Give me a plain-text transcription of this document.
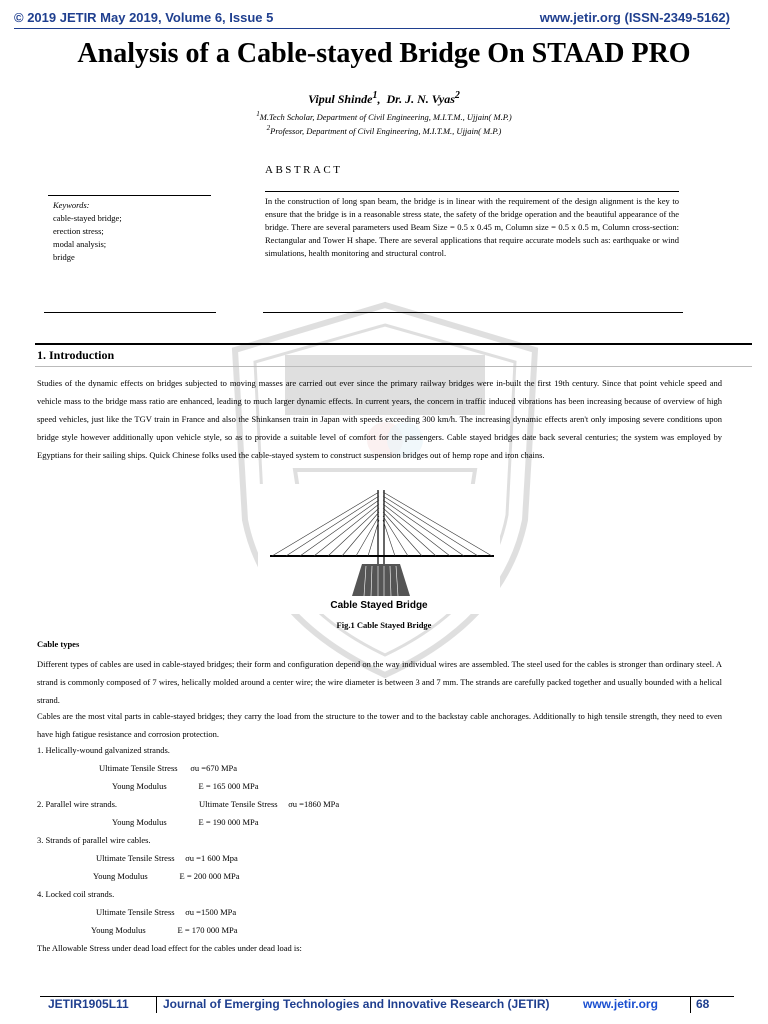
© 2019 JETIR May 2019, Volume 6, Issue 5	www.jetir.org (ISSN-2349-5162)
Analysis of a Cable-stayed Bridge On STAAD PRO
Vipul Shinde$^1$,  Dr. J. N. Vyas$^2$
$^1$M.Tech Scholar, Department of Civil Engineering, M.I.T.M., Ujjain( M.P.)
$^2$Professor, Department of Civil Engineering, M.I.T.M., Ujjain( M.P.)
ABSTRACT
In the construction of long span beam, the bridge is in linear with the requirement of the design alignment is the key to ensure that the bridge is in a reasonable stress state, the safety of the bridge operation and the beautiful appearance of the bridge. There are several parameters used Beam Size = 0.5 x 0.45 m, Column size = 0.5 x 0.5 m, Column cross-section: Rectangular and Tower H shape. There are several applications that require accurate models such as: earthquake or wind simulations, health monitoring and structural control.
Keywords:
cable-stayed bridge;
erection stress;
modal analysis;
bridge
1. Introduction
Studies of the dynamic effects on bridges subjected to moving masses are carried out ever since the primary railway bridges were in-built the first 19th century. Since that point vehicle speed and vehicle mass to the bridge mass ratio are enhanced, leading to much larger dynamic effects. In current years, the concern in traffic induced vibrations has been increasing because of overview of high speed vehicles, just like the TGV train in France and also the Shinkansen train in Japan with speeds exceeding 300 km/h. The increasing dynamic effects aren't only imposing severe conditions upon bridge style however additionally upon vehicle style, so as to provide a suitable level of comfort for the passengers. Cable stayed bridges date back several centuries; the system was employed by Egyptians for their sailing ships. Quick Chinese folks used the cable-stayed system to construct suspension bridges out of hemp rope and iron chains.
Cable Stayed Bridge
Fig.1 Cable Stayed Bridge
Cable types
Different types of cables are used in cable-stayed bridges; their form and configuration depend on the way individual wires are assembled. The steel used for the cables is stronger than ordinary steel. A strand is commonly composed of 7 wires, helically molded around a center wire; the wire diameter is between 3 and 7 mm. The strands are carefully packed together and usually bounded with a helical strand.
Cables are the most vital parts in cable-stayed bridges; they carry the load from the structure to the tower and to the backstay cable anchorages. Additionally to high tensile strength, they need to even have high fatigue resistance and corrosion protection.
1. Helically-wound galvanized strands.
Ultimate Tensile Stress      σu =670 MPa
Young Modulus               E = 165 000 MPa
2. Parallel wire strands.	Ultimate Tensile Stress     σu =1860 MPa
Young Modulus               E = 190 000 MPa
3. Strands of parallel wire cables.
Ultimate Tensile Stress     σu =1 600 Mpa
Young Modulus               E = 200 000 MPa
4. Locked coil strands.
Ultimate Tensile Stress     σu =1500 MPa
Young Modulus               E = 170 000 MPa
The Allowable Stress under dead load effect for the cables under dead load is:
JETIR1905L11	Journal of Emerging Technologies and Innovative Research (JETIR)	www.jetir.org	68
